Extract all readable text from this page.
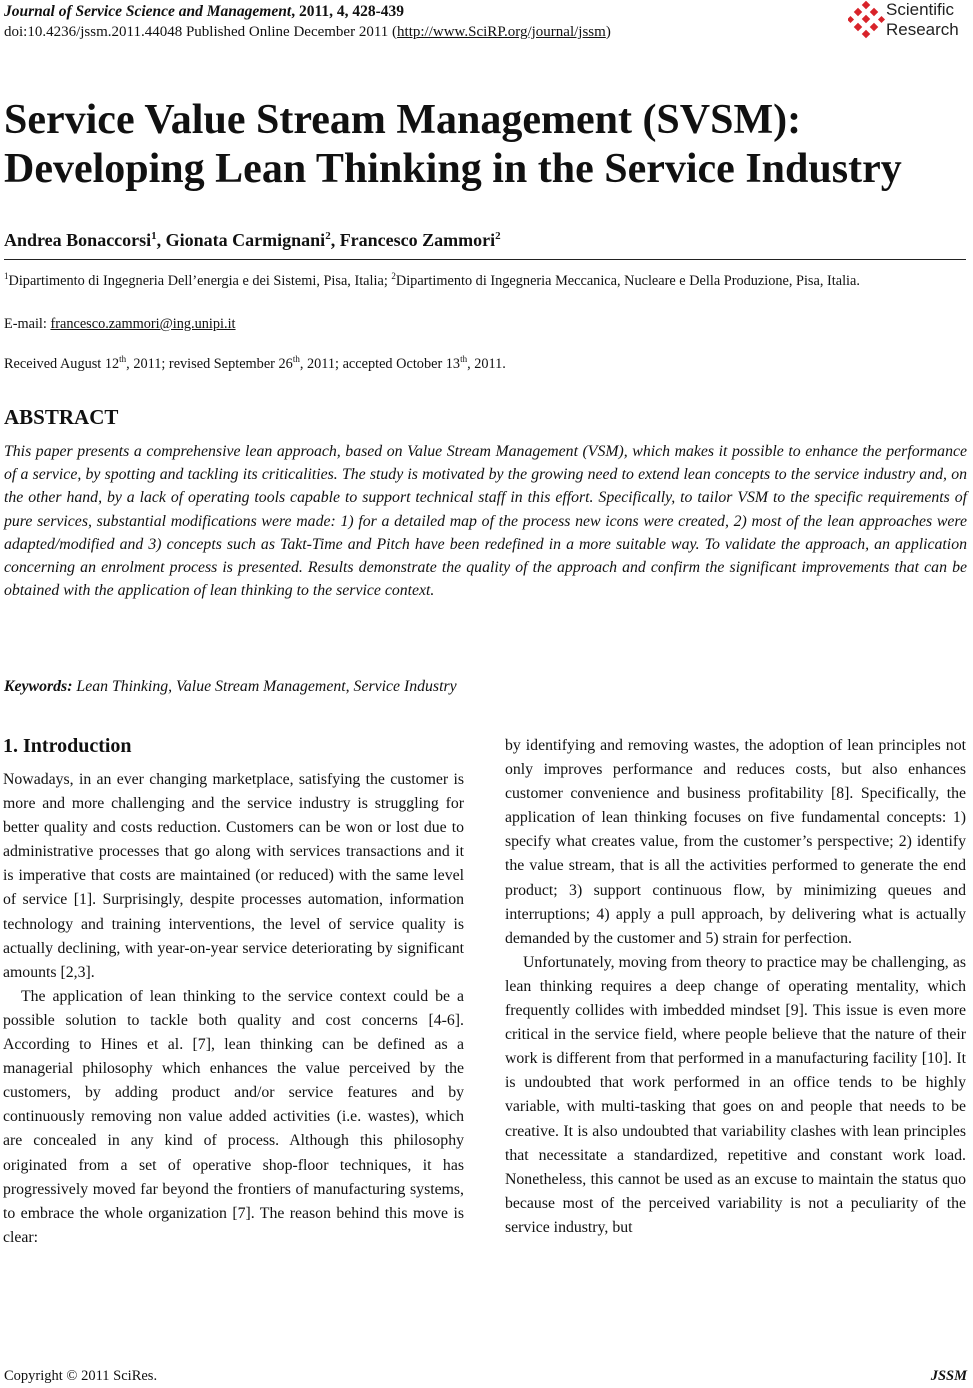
Journal of Service Science and Management, 2011, 4, 428-439
doi:10.4236/jssm.2011.44048 Published Online December 2011 (http://www.SciRP.org/journal/jssm)
Scientific
Research
Service Value Stream Management (SVSM):
Developing Lean Thinking in the Service Industry
Andrea Bonaccorsi$^1$, Gionata Carmignani$^2$, Francesco Zammori$^2$
$^1$Dipartimento di Ingegneria Dell’energia e dei Sistemi, Pisa, Italia; $^2$Dipartimento di Ingegneria Meccanica, Nucleare e Della Produzione, Pisa, Italia.
E-mail: francesco.zammori@ing.unipi.it
Received August 12th, 2011; revised September 26th, 2011; accepted October 13th, 2011.
ABSTRACT
This paper presents a comprehensive lean approach, based on Value Stream Management (VSM), which makes it possible to enhance the performance of a service, by spotting and tackling its criticalities. The study is motivated by the growing need to extend lean concepts to the service industry and, on the other hand, by a lack of operating tools capable to support technical staff in this effort. Specifically, to tailor VSM to the specific requirements of pure services, substantial modifications were made: 1) for a detailed map of the process new icons were created, 2) most of the lean approaches were adapted/modified and 3) concepts such as Takt-Time and Pitch have been redefined in a more suitable way. To validate the approach, an application concerning an enrolment process is presented. Results demonstrate the quality of the approach and confirm the significant improvements that can be obtained with the application of lean thinking to the service context.
Keywords: Lean Thinking, Value Stream Management, Service Industry
1. Introduction

Nowadays, in an ever changing marketplace, satisfying the customer is more and more challenging and the service industry is struggling for better quality and costs reduction. Customers can be won or lost due to administrative processes that go along with services transactions and it is imperative that costs are maintained (or reduced) with the same level of service [1]. Surprisingly, despite processes automation, information technology and training interventions, the level of service quality is actually declining, with year-on-year service deteriorating by significant amounts [2,3].

The application of lean thinking to the service context could be a possible solution to tackle both quality and cost concerns [4-6]. According to Hines et al. [7], lean thinking can be defined as a managerial philosophy which enhances the value perceived by the customers, by adding product and/or service features and by continuously removing non value added activities (i.e. wastes), which are concealed in any kind of process. Although this philosophy originated from a set of operative shop-floor techniques, it has progressively moved far beyond the frontiers of manufacturing systems, to embrace the whole organization [7]. The reason behind this move is clear:

by identifying and removing wastes, the adoption of lean principles not only improves performance and reduces costs, but also enhances customer convenience and business profitability [8]. Specifically, the application of lean thinking focuses on five fundamental concepts: 1) specify what creates value, from the customer’s perspective; 2) identify the value stream, that is all the activities performed to generate the end product; 3) support continuous flow, by minimizing queues and interruptions; 4) apply a pull approach, by delivering what is actually demanded by the customer and 5) strain for perfection.

Unfortunately, moving from theory to practice may be challenging, as lean thinking requires a deep change of operating mentality, which frequently collides with imbedded mindset [9]. This issue is even more critical in the service field, where people believe that the nature of their work is different from that performed in a manufacturing facility [10]. It is undoubted that work performed in an office tends to be highly variable, with multi-tasking that goes on and people that needs to be creative. It is also undoubted that variability clashes with lean principles that necessitate a standardized, repetitive and constant work load. Nonetheless, this cannot be used as an excuse to maintain the status quo because most of the perceived variability is not a peculiarity of the service industry, but

Copyright © 2011 SciRes.	JSSM
